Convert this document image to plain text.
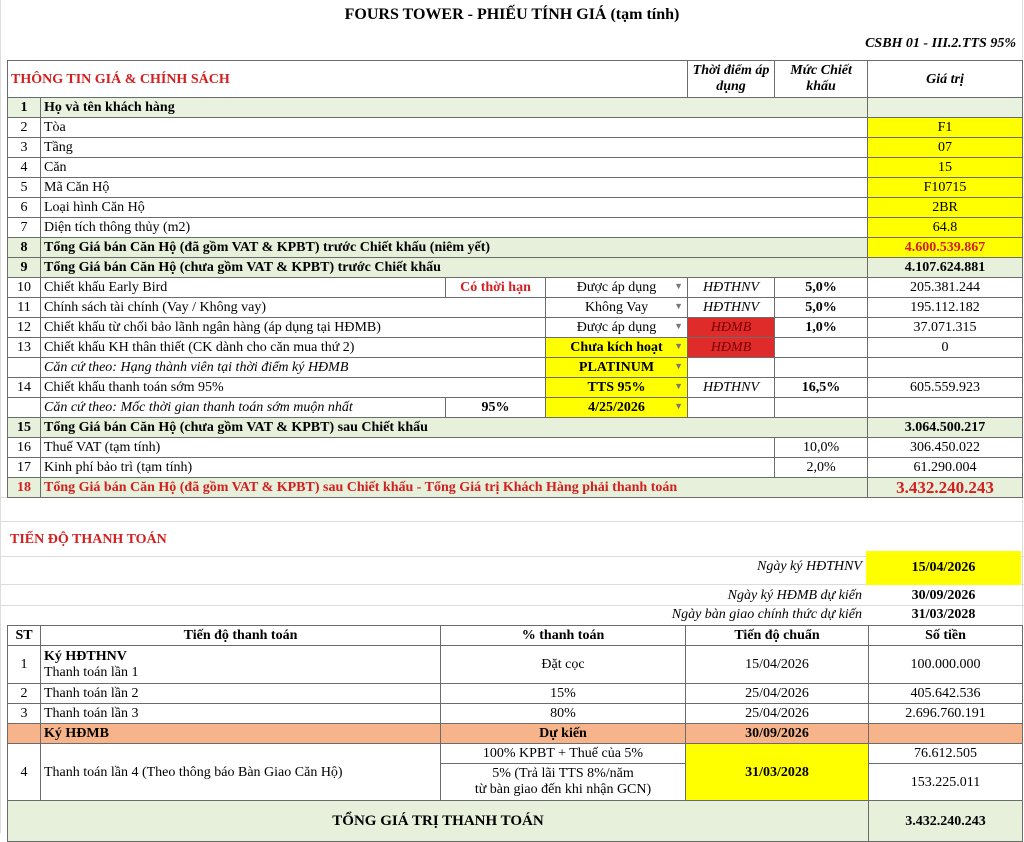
FOURS TOWER - PHIẾU TÍNH GIÁ (tạm tính)
CSBH 01 - III.2.TTS 95%
THÔNG TIN GIÁ & CHÍNH SÁCH				Thời điểm áp dụng	Mức Chiết khấu	Giá trị
1	Họ và tên khách hàng					
2	Tòa					F1
3	Tầng					07
4	Căn					15
5	Mã Căn Hộ					F10715
6	Loại hình Căn Hộ					2BR
7	Diện tích thông thủy (m2)					64.8
8	Tổng Giá bán Căn Hộ (đã gồm VAT & KPBT) trước Chiết khấu (niêm yết)					4.600.539.867
9	Tổng Giá bán Căn Hộ (chưa gồm VAT & KPBT) trước Chiết khấu					4.107.624.881
10	Chiết khấu Early Bird	Có thời hạn	Được áp dụng ▼	HĐTHNV	5,0%	205.381.244
11	Chính sách tài chính (Vay / Không vay)		Không Vay ▼	HĐTHNV	5,0%	195.112.182
12	Chiết khấu từ chối bảo lãnh ngân hàng (áp dụng tại HĐMB)		Được áp dụng ▼	HĐMB	1,0%	37.071.315
13	Chiết khấu KH thân thiết (CK dành cho căn mua thứ 2)		Chưa kích hoạt ▼	HĐMB		0
	Căn cứ theo: Hạng thành viên tại thời điểm ký HĐMB		PLATINUM ▼			

14	Chiết khấu thanh toán sớm 95%		TTS 95% ▼	HĐTHNV	16,5%	605.559.923
	Căn cứ theo: Mốc thời gian thanh toán sớm muộn nhất	95%	4/25/2026 ▼			

15	Tổng Giá bán Căn Hộ (chưa gồm VAT & KPBT) sau Chiết khấu					3.064.500.217
16	Thuế VAT (tạm tính)				10,0%	306.450.022
17	Kinh phí bảo trì (tạm tính)				2,0%	61.290.004
18	Tổng Giá bán Căn Hộ (đã gồm VAT & KPBT) sau Chiết khấu - Tổng Giá trị Khách Hàng phải thanh toán					3.432.240.243
TIẾN ĐỘ THANH TOÁN
Ngày ký HĐTHNV	15/04/2026
Ngày ký HĐMB dự kiến	30/09/2026
Ngày bàn giao chính thức dự kiến	31/03/2028
ST	Tiến độ thanh toán	% thanh toán	Tiến độ chuẩn	Số tiền
1	Ký HĐTHNV
Thanh toán lần 1	Đặt cọc	15/04/2026	100.000.000
2	Thanh toán lần 2	15%	25/04/2026	405.642.536
3	Thanh toán lần 3	80%	25/04/2026	2.696.760.191
	Ký HĐMB	Dự kiến	30/09/2026	
4	Thanh toán lần 4 (Theo thông báo Bàn Giao Căn Hộ)	100% KPBT + Thuế của 5%	31/03/2028	76.612.505

		5% (Trả lãi TTS 8%/năm
từ bàn giao đến khi nhận GCN)		153.225.011
TỔNG GIÁ TRỊ THANH TOÁN				3.432.240.243
